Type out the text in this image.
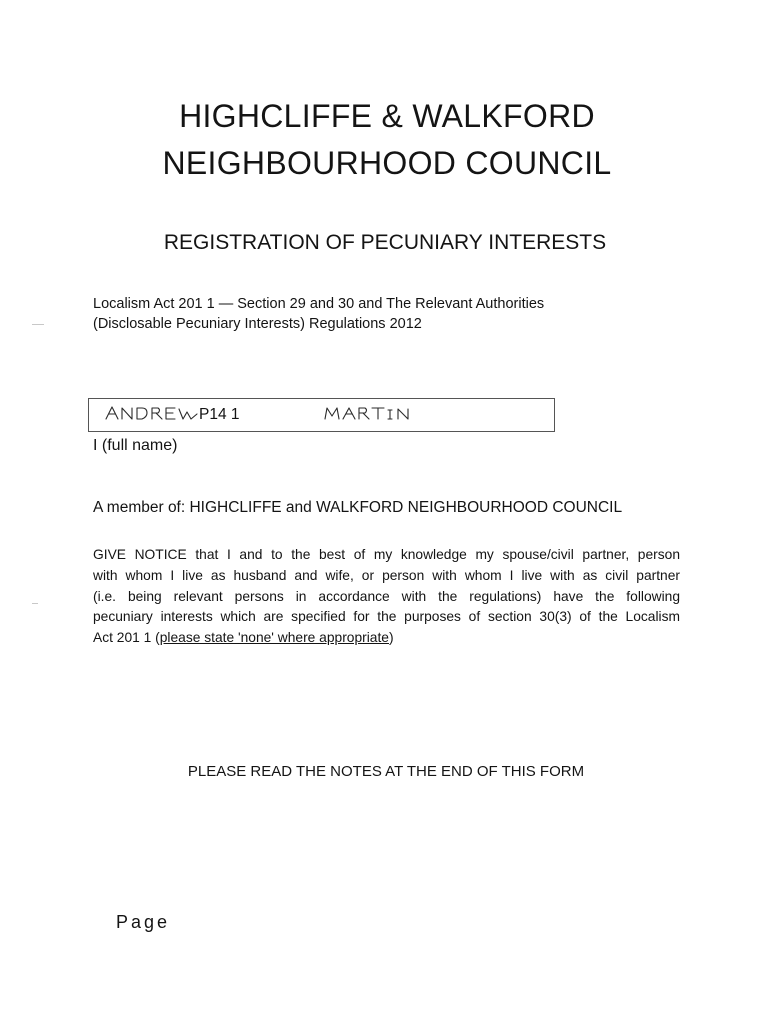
HIGHCLIFFE & WALKFORD
NEIGHBOURHOOD COUNCIL
REGISTRATION OF PECUNIARY INTERESTS
Localism Act 201 1 — Section 29 and 30 and The Relevant Authorities
(Disclosable Pecuniary Interests) Regulations 2012
P14 1
I (full name)
A member of: HIGHCLIFFE and WALKFORD NEIGHBOURHOOD COUNCIL
GIVE NOTICE that I and to the best of my knowledge my spouse/civil partner, person
with whom I live as husband and wife, or person with whom I live with as civil partner
(i.e. being relevant persons in accordance with the regulations) have the following
pecuniary interests which are specified for the purposes of section 30(3) of the Localism
Act 201 1 (please state 'none' where appropriate)
PLEASE READ THE NOTES AT THE END OF THIS FORM
Page
